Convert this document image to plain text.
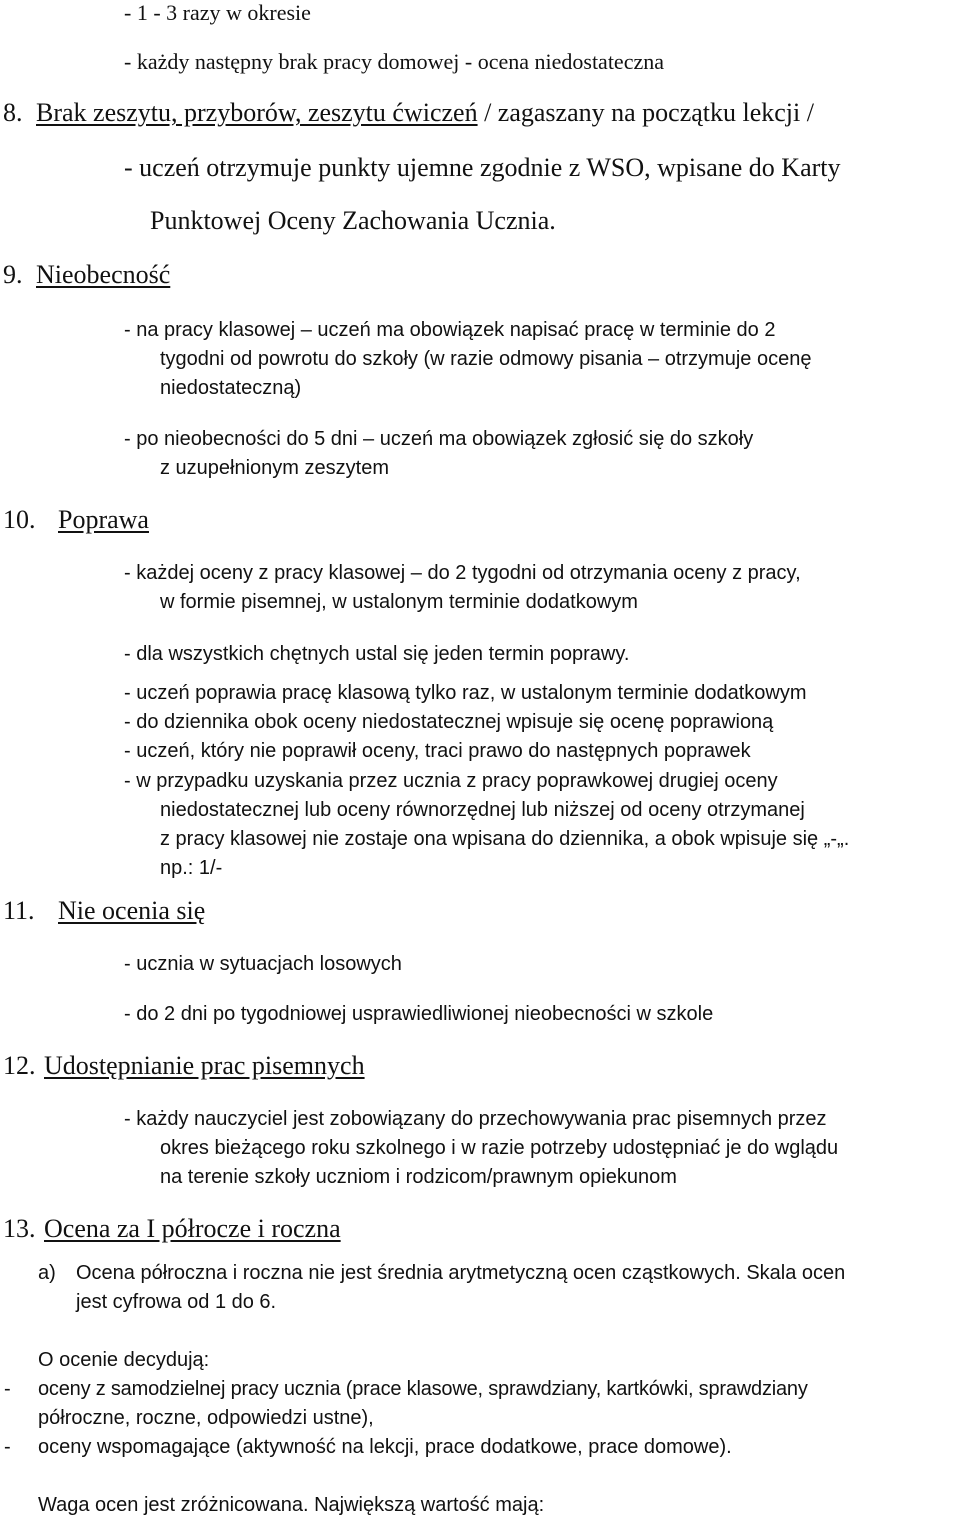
- 1 - 3 razy w okresie
- każdy następny brak pracy domowej - ocena niedostateczna
8. Brak zeszytu, przyborów, zeszytu ćwiczeń / zagaszany na początku lekcji /
- uczeń otrzymuje punkty ujemne zgodnie z WSO, wpisane do Karty
Punktowej Oceny Zachowania Ucznia.
9. Nieobecność
- na pracy klasowej – uczeń ma obowiązek napisać pracę w terminie do 2
tygodni od powrotu do szkoły (w razie odmowy pisania – otrzymuje ocenę
niedostateczną)
- po nieobecności do 5 dni – uczeń ma obowiązek zgłosić się do szkoły
z uzupełnionym zeszytem
10. Poprawa
- każdej oceny z pracy klasowej – do 2 tygodni od otrzymania oceny z pracy,
w formie pisemnej, w ustalonym terminie dodatkowym
- dla wszystkich chętnych ustal się jeden termin poprawy.
- uczeń poprawia pracę klasową tylko raz, w ustalonym terminie dodatkowym
- do dziennika obok oceny niedostatecznej wpisuje się ocenę poprawioną
- uczeń, który nie poprawił oceny, traci prawo do następnych poprawek
- w przypadku uzyskania przez ucznia z pracy poprawkowej drugiej oceny
niedostatecznej lub oceny równorzędnej lub niższej od oceny otrzymanej
z pracy klasowej nie zostaje ona wpisana do dziennika, a obok wpisuje się „-„.
np.: 1/-
11. Nie ocenia się
- ucznia w sytuacjach losowych
- do 2 dni po tygodniowej usprawiedliwionej nieobecności w szkole
12. Udostępnianie prac pisemnych
- każdy nauczyciel jest zobowiązany do przechowywania prac pisemnych przez
okres bieżącego roku szkolnego i w razie potrzeby udostępniać je do wglądu
na terenie szkoły uczniom i rodzicom/prawnym opiekunom
13. Ocena za I półrocze i roczna
a) Ocena półroczna i roczna nie jest średnia arytmetyczną ocen cząstkowych. Skala ocen
jest cyfrowa od 1 do 6.
O ocenie decydują:
- oceny z samodzielnej pracy ucznia (prace klasowe, sprawdziany, kartkówki, sprawdziany
półroczne, roczne, odpowiedzi ustne),
- oceny wspomagające (aktywność na lekcji, prace dodatkowe, prace domowe).
Waga ocen jest zróżnicowana. Największą wartość mają:
